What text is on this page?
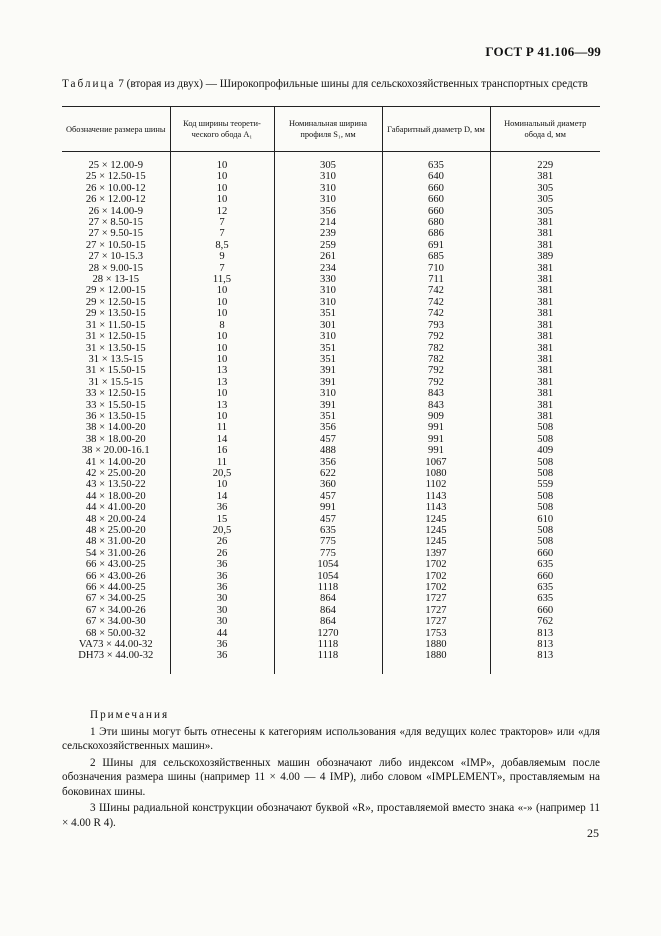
ГОСТ Р 41.106—99
Таблица 7 (вторая из двух) — Широкопрофильные шины для сельскохозяйственных транспортных средств
Обозначение размера шины	Код ширины теоретического обода A₁	Номинальная ширина профиля S₁, мм	Габаритный диаметр D, мм	Номинальный диаметр обода d, мм

25 × 12.00-9	10	305	635	229
25 × 12.50-15	10	310	640	381
26 × 10.00-12	10	310	660	305
26 × 12.00-12	10	310	660	305
26 × 14.00-9	12	356	660	305
27 × 8.50-15	7	214	680	381
27 × 9.50-15	7	239	686	381
27 × 10.50-15	8,5	259	691	381
27 × 10-15.3	9	261	685	389
28 × 9.00-15	7	234	710	381
28 × 13-15	11,5	330	711	381
29 × 12.00-15	10	310	742	381
29 × 12.50-15	10	310	742	381
29 × 13.50-15	10	351	742	381
31 × 11.50-15	8	301	793	381
31 × 12.50-15	10	310	792	381
31 × 13.50-15	10	351	782	381
31 × 13.5-15	10	351	782	381
31 × 15.50-15	13	391	792	381
31 × 15.5-15	13	391	792	381
33 × 12.50-15	10	310	843	381
33 × 15.50-15	13	391	843	381
36 × 13.50-15	10	351	909	381
38 × 14.00-20	11	356	991	508
38 × 18.00-20	14	457	991	508
38 × 20.00-16.1	16	488	991	409
41 × 14.00-20	11	356	1067	508
42 × 25.00-20	20,5	622	1080	508
43 × 13.50-22	10	360	1102	559
44 × 18.00-20	14	457	1143	508
44 × 41.00-20	36	991	1143	508
48 × 20.00-24	15	457	1245	610
48 × 25.00-20	20,5	635	1245	508
48 × 31.00-20	26	775	1245	508
54 × 31.00-26	26	775	1397	660
66 × 43.00-25	36	1054	1702	635
66 × 43.00-26	36	1054	1702	660
66 × 44.00-25	36	1118	1702	635
67 × 34.00-25	30	864	1727	635
67 × 34.00-26	30	864	1727	660
67 × 34.00-30	30	864	1727	762
68 × 50.00-32	44	1270	1753	813
VA73 × 44.00-32	36	1118	1880	813
DH73 × 44.00-32	36	1118	1880	813

Примечания

1 Эти шины могут быть отнесены к категориям использования «для ведущих колес тракторов» или «для сельскохозяйственных машин».

2 Шины для сельскохозяйственных машин обозначают либо индексом «IMP», добавляемым после обозначения размера шины (например 11 × 4.00 — 4 IMP), либо словом «IMPLEMENT», проставляемым на боковинах шины.

3 Шины радиальной конструкции обозначают буквой «R», проставляемой вместо знака «-» (например 11 × 4.00 R 4).

25
